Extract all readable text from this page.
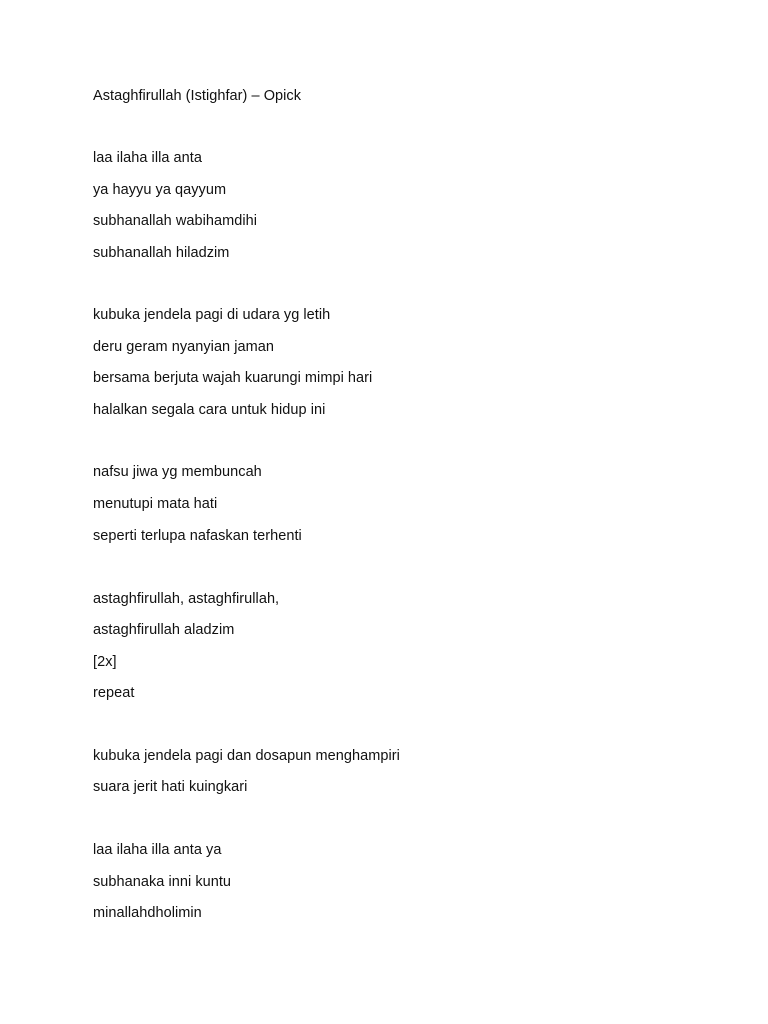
Astaghfirullah (Istighfar) – Opick
laa ilaha illa anta
ya hayyu ya qayyum
subhanallah wabihamdihi
subhanallah hiladzim
kubuka jendela pagi di udara yg letih
deru geram nyanyian jaman
bersama berjuta wajah kuarungi mimpi hari
halalkan segala cara untuk hidup ini
nafsu jiwa yg membuncah
menutupi mata hati
seperti terlupa nafaskan terhenti
astaghfirullah, astaghfirullah,
astaghfirullah aladzim
[2x]
repeat
kubuka jendela pagi dan dosapun menghampiri
suara jerit hati kuingkari
laa ilaha illa anta ya
subhanaka inni kuntu
minallahdholimin
